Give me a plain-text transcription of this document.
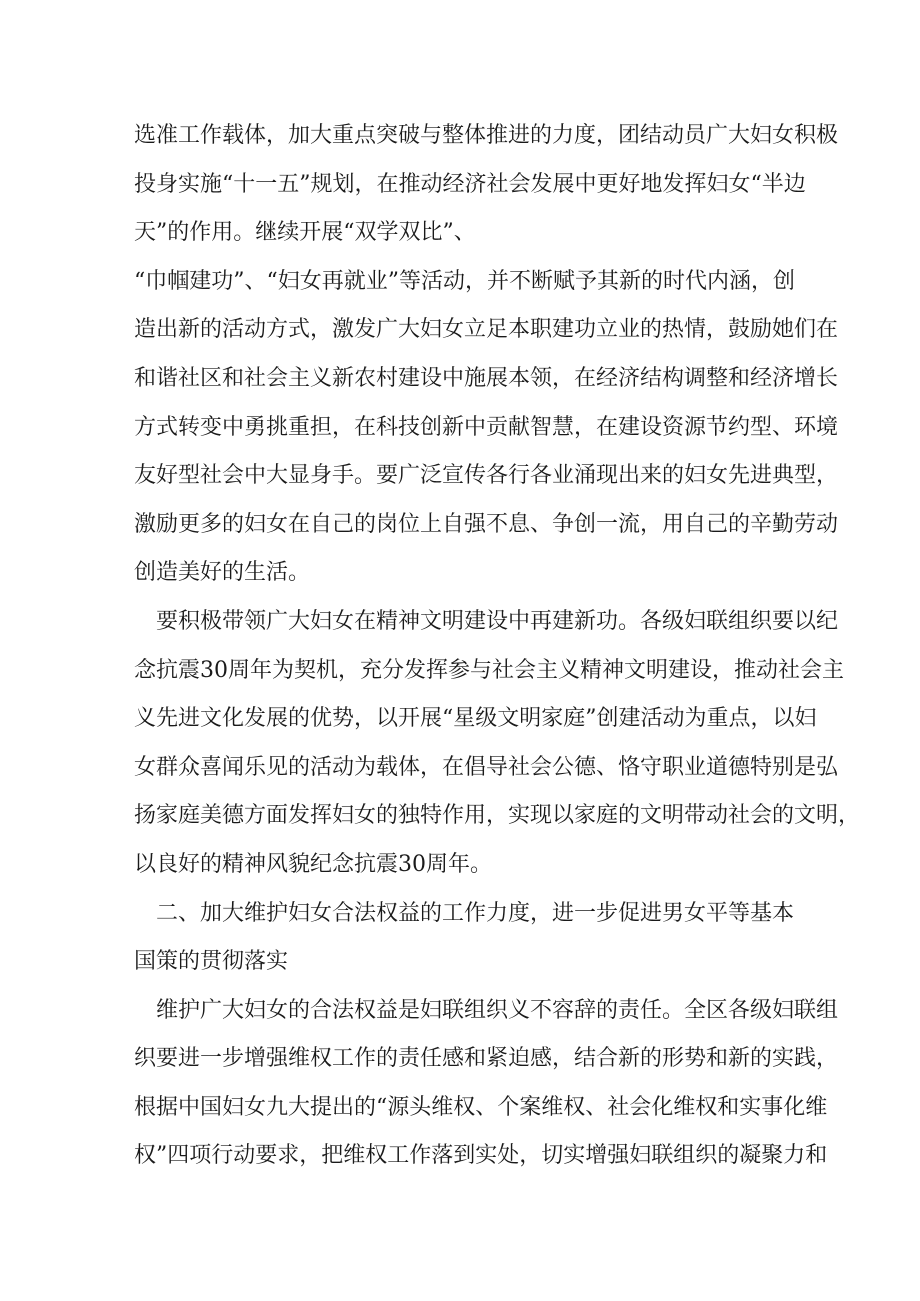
选准工作载体，加大重点突破与整体推进的力度，团结动员广大妇女积极
投身实施“十一五”规划，在推动经济社会发展中更好地发挥妇女“半边
天”的作用。继续开展“双学双比”、
“巾帼建功”、“妇女再就业”等活动，并不断赋予其新的时代内涵，创
造出新的活动方式，激发广大妇女立足本职建功立业的热情，鼓励她们在
和谐社区和社会主义新农村建设中施展本领，在经济结构调整和经济增长
方式转变中勇挑重担，在科技创新中贡献智慧，在建设资源节约型、环境
友好型社会中大显身手。要广泛宣传各行各业涌现出来的妇女先进典型，
激励更多的妇女在自己的岗位上自强不息、争创一流，用自己的辛勤劳动
创造美好的生活。
要积极带领广大妇女在精神文明建设中再建新功。各级妇联组织要以纪
念抗震30周年为契机，充分发挥参与社会主义精神文明建设，推动社会主
义先进文化发展的优势，以开展“星级文明家庭”创建活动为重点，以妇
女群众喜闻乐见的活动为载体，在倡导社会公德、恪守职业道德特别是弘
扬家庭美德方面发挥妇女的独特作用，实现以家庭的文明带动社会的文明，
以良好的精神风貌纪念抗震30周年。
二、加大维护妇女合法权益的工作力度，进一步促进男女平等基本
国策的贯彻落实
维护广大妇女的合法权益是妇联组织义不容辞的责任。全区各级妇联组
织要进一步增强维权工作的责任感和紧迫感，结合新的形势和新的实践，
根据中国妇女九大提出的“源头维权、个案维权、社会化维权和实事化维
权”四项行动要求，把维权工作落到实处，切实增强妇联组织的凝聚力和
